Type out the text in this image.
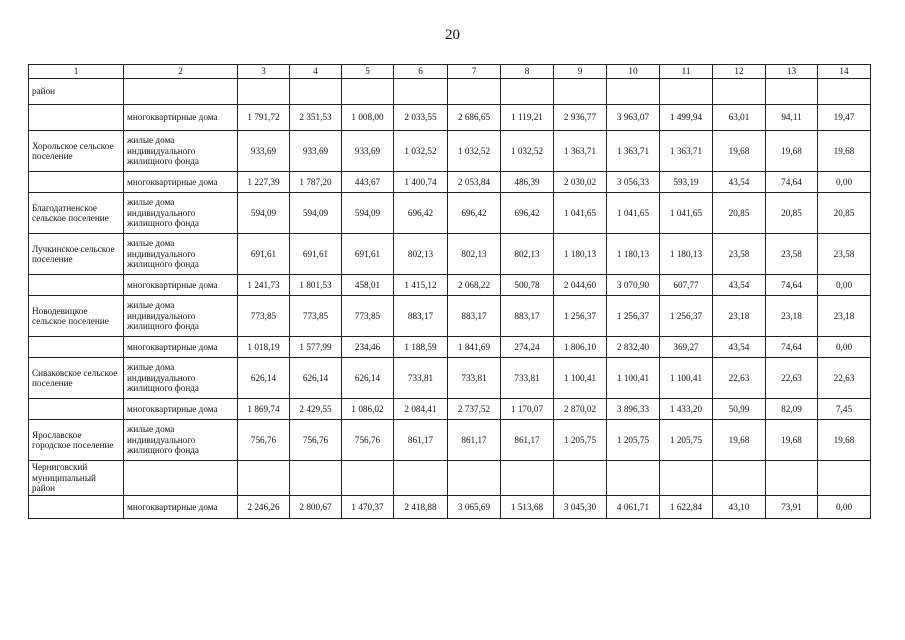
20
1	2	3	4	5	6	7	8	9	10	11	12	13	14
район													
	многоквартирные дома	1 791,72	2 351,53	1 008,00	2 033,55	2 686,65	1 119,21	2 936,77	3 963,07	1 499,94	63,01	94,11	19,47
Хорольское сельское поселение	жилые дома индивидуального жилищного фонда	933,69	933,69	933,69	1 032,52	1 032,52	1 032,52	1 363,71	1 363,71	1 363,71	19,68	19,68	19,68
	многоквартирные дома	1 227,39	1 787,20	443,67	1 400,74	2 053,84	486,39	2 030,02	3 056,33	593,19	43,54	74,64	0,00
Благодатненское сельское поселение	жилые дома индивидуального жилищного фонда	594,09	594,09	594,09	696,42	696,42	696,42	1 041,65	1 041,65	1 041,65	20,85	20,85	20,85
Лучкинское сельское поселение	жилые дома индивидуального жилищного фонда	691,61	691,61	691,61	802,13	802,13	802,13	1 180,13	1 180,13	1 180,13	23,58	23,58	23,58
	многоквартирные дома	1 241,73	1 801,53	458,01	1 415,12	2 068,22	500,78	2 044,60	3 070,90	607,77	43,54	74,64	0,00
Новодевицкое сельское поселение	жилые дома индивидуального жилищного фонда	773,85	773,85	773,85	883,17	883,17	883,17	1 256,37	1 256,37	1 256,37	23,18	23,18	23,18
	многоквартирные дома	1 018,19	1 577,99	234,46	1 188,59	1 841,69	274,24	1 806,10	2 832,40	369,27	43,54	74,64	0,00
Сиваковское сельское поселение	жилые дома индивидуального жилищного фонда	626,14	626,14	626,14	733,81	733,81	733,81	1 100,41	1 100,41	1 100,41	22,63	22,63	22,63
	многоквартирные дома	1 869,74	2 429,55	1 086,02	2 084,41	2 737,52	1 170,07	2 870,02	3 896,33	1 433,20	50,99	82,09	7,45
Ярославское городское поселение	жилые дома индивидуального жилищного фонда	756,76	756,76	756,76	861,17	861,17	861,17	1 205,75	1 205,75	1 205,75	19,68	19,68	19,68
Черниговский муниципальный район													
	многоквартирные дома	2 246,26	2 800,67	1 470,37	2 418,88	3 065,69	1 513,68	3 045,30	4 061,71	1 622,84	43,10	73,91	0,00
